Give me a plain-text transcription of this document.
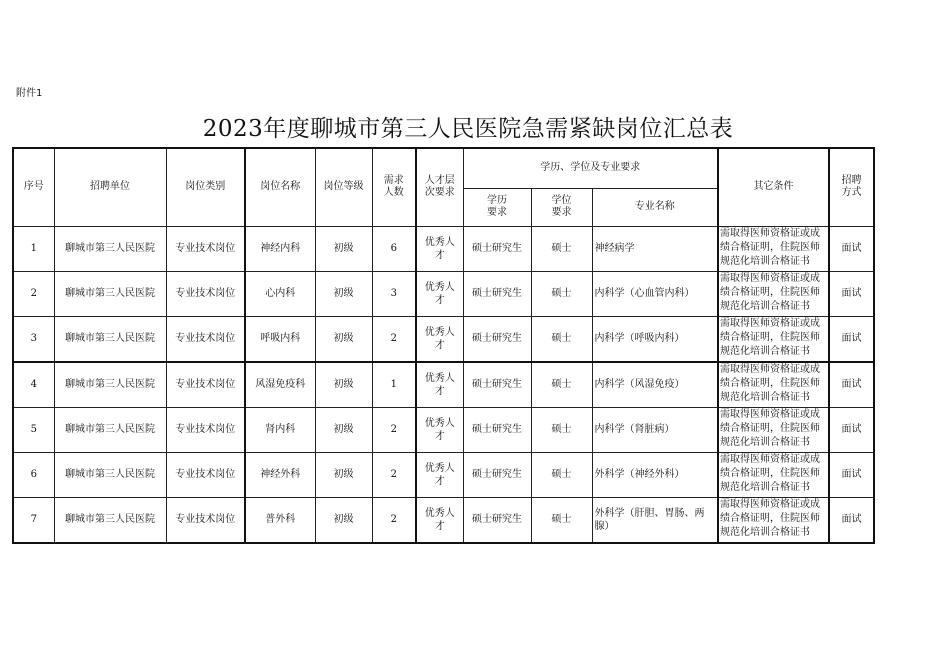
附件1
2023年度聊城市第三人民医院急需紧缺岗位汇总表
序号	招聘单位	岗位类别	岗位名称	岗位等级	需求人数	人才层次要求	学历、学位及专业要求			其它条件	招聘方式
							学历要求	学位要求	专业名称		
1	聊城市第三人民医院	专业技术岗位	神经内科	初级	6	优秀人才	硕士研究生	硕士	神经病学	需取得医师资格证或成绩合格证明，住院医师规范化培训合格证书	面试
2	聊城市第三人民医院	专业技术岗位	心内科	初级	3	优秀人才	硕士研究生	硕士	内科学（心血管内科）	需取得医师资格证或成绩合格证明，住院医师规范化培训合格证书	面试
3	聊城市第三人民医院	专业技术岗位	呼吸内科	初级	2	优秀人才	硕士研究生	硕士	内科学（呼吸内科）	需取得医师资格证或成绩合格证明，住院医师规范化培训合格证书	面试
4	聊城市第三人民医院	专业技术岗位	风湿免疫科	初级	1	优秀人才	硕士研究生	硕士	内科学（风湿免疫）	需取得医师资格证或成绩合格证明，住院医师规范化培训合格证书	面试
5	聊城市第三人民医院	专业技术岗位	肾内科	初级	2	优秀人才	硕士研究生	硕士	内科学（肾脏病）	需取得医师资格证或成绩合格证明，住院医师规范化培训合格证书	面试
6	聊城市第三人民医院	专业技术岗位	神经外科	初级	2	优秀人才	硕士研究生	硕士	外科学（神经外科）	需取得医师资格证或成绩合格证明，住院医师规范化培训合格证书	面试
7	聊城市第三人民医院	专业技术岗位	普外科	初级	2	优秀人才	硕士研究生	硕士	外科学（肝胆、胃肠、两腺）	需取得医师资格证或成绩合格证明，住院医师规范化培训合格证书	面试
